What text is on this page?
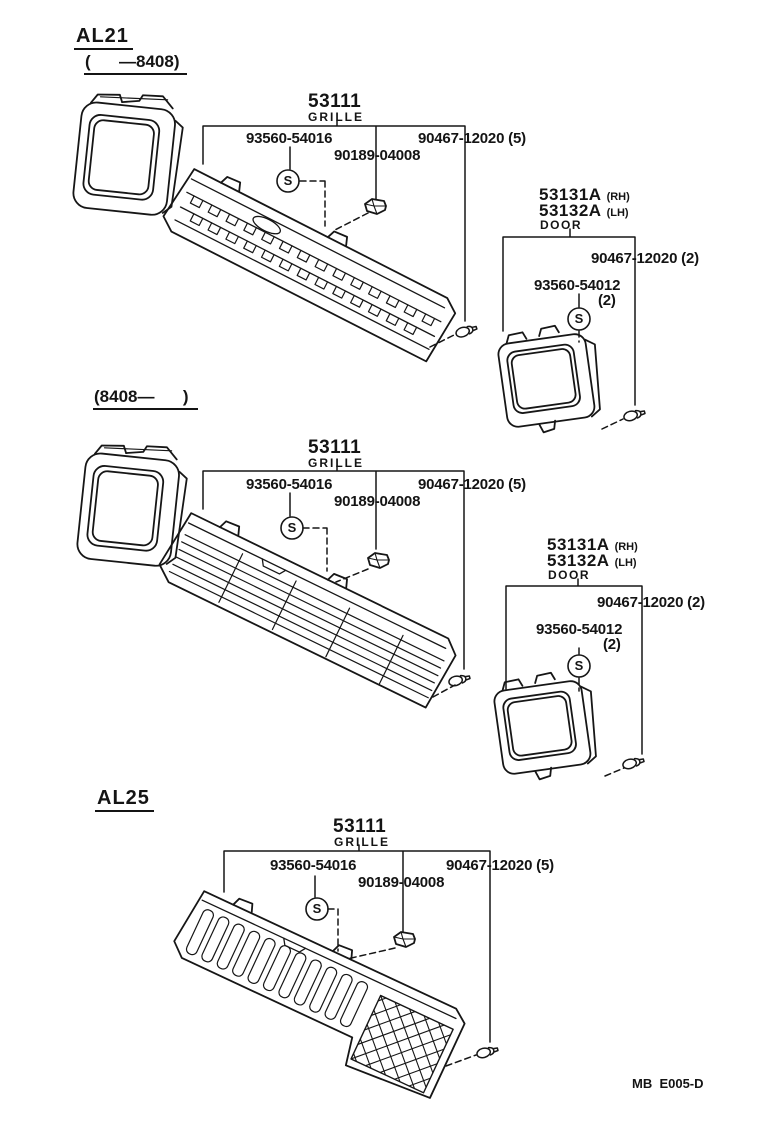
AL21
(      —8408)
53111
GRILLE
93560-54016	90467-12020 (5)
90189-04008
53131A (RH)
53132A (LH)
DOOR
90467-12020 (2)
93560-54012
(2)
S
S
(8408—      )
53111
GRILLE
93560-54016	90467-12020 (5)
90189-04008
53131A (RH)
53132A (LH)
DOOR
90467-12020 (2)
93560-54012
(2)
S
S
AL25
53111
GRILLE
93560-54016	90467-12020 (5)
90189-04008
S
MB  E005-D
